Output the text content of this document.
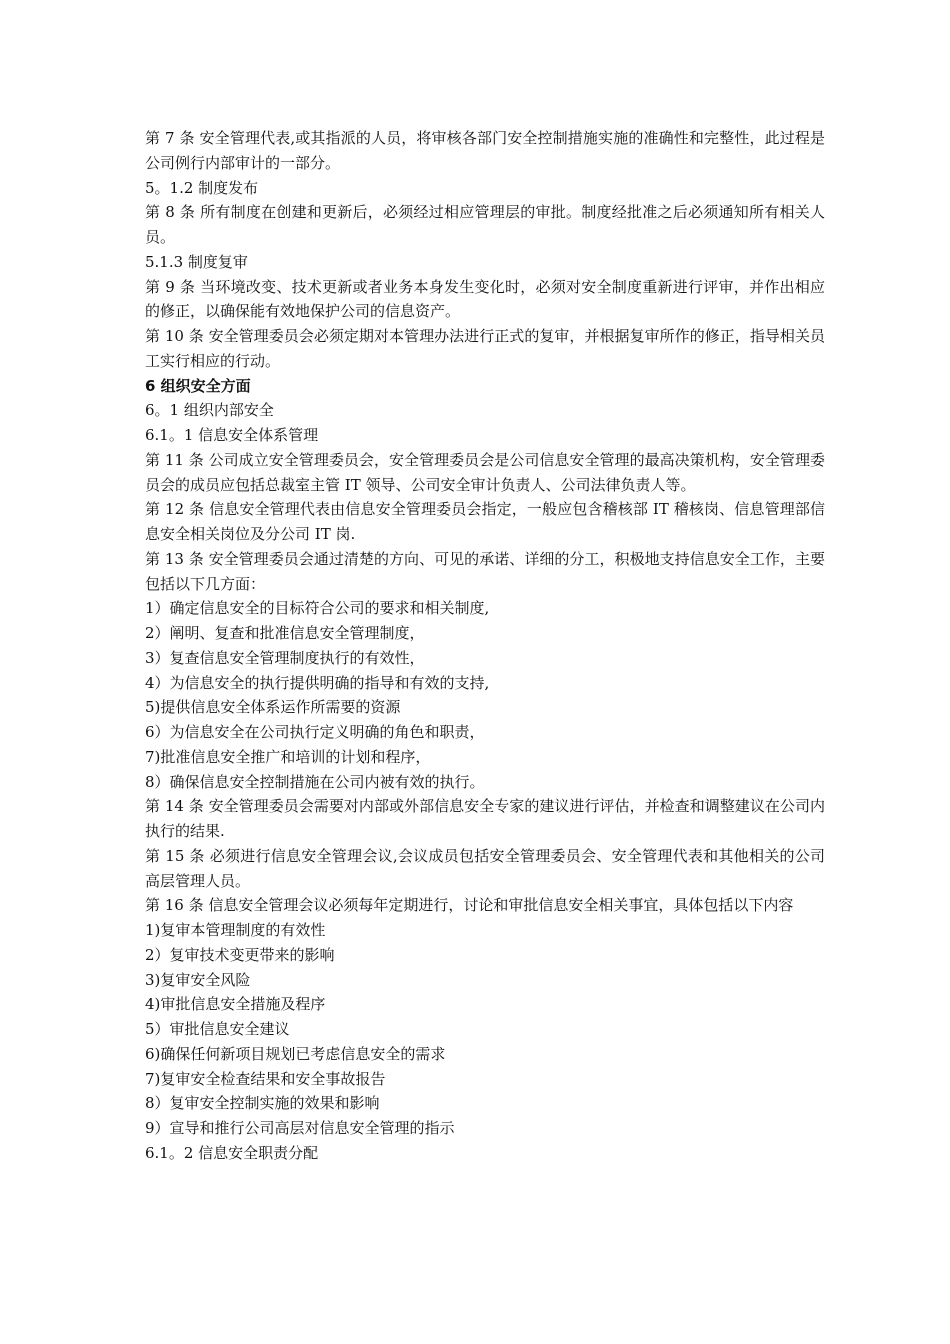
第 7 条 安全管理代表,或其指派的人员，将审核各部门安全控制措施实施的准确性和完整性，此过程是公司例行内部审计的一部分。

5。1.2 制度发布

第 8 条 所有制度在创建和更新后，必须经过相应管理层的审批。制度经批准之后必须通知所有相关人员。

5.1.3 制度复审

第 9 条 当环境改变、技术更新或者业务本身发生变化时，必须对安全制度重新进行评审，并作出相应的修正，以确保能有效地保护公司的信息资产。

第 10 条 安全管理委员会必须定期对本管理办法进行正式的复审，并根据复审所作的修正，指导相关员工实行相应的行动。

6 组织安全方面

6。1 组织内部安全

6.1。1 信息安全体系管理

第 11 条 公司成立安全管理委员会，安全管理委员会是公司信息安全管理的最高决策机构，安全管理委员会的成员应包括总裁室主管 IT 领导、公司安全审计负责人、公司法律负责人等。

第 12 条 信息安全管理代表由信息安全管理委员会指定，一般应包含稽核部 IT 稽核岗、信息管理部信息安全相关岗位及分公司 IT 岗.

第 13 条 安全管理委员会通过清楚的方向、可见的承诺、详细的分工，积极地支持信息安全工作，主要包括以下几方面：

1）确定信息安全的目标符合公司的要求和相关制度,

2）阐明、复查和批准信息安全管理制度，

3）复查信息安全管理制度执行的有效性，

4）为信息安全的执行提供明确的指导和有效的支持,

5)提供信息安全体系运作所需要的资源

6）为信息安全在公司执行定义明确的角色和职责，

7)批准信息安全推广和培训的计划和程序，

8）确保信息安全控制措施在公司内被有效的执行。

第 14 条 安全管理委员会需要对内部或外部信息安全专家的建议进行评估，并检查和调整建议在公司内执行的结果.

第 15 条 必须进行信息安全管理会议,会议成员包括安全管理委员会、安全管理代表和其他相关的公司高层管理人员。

第 16 条 信息安全管理会议必须每年定期进行，讨论和审批信息安全相关事宜，具体包括以下内容

1)复审本管理制度的有效性

2）复审技术变更带来的影响

3)复审安全风险

4)审批信息安全措施及程序

5）审批信息安全建议

6)确保任何新项目规划已考虑信息安全的需求

7)复审安全检查结果和安全事故报告

8）复审安全控制实施的效果和影响

9）宣导和推行公司高层对信息安全管理的指示

6.1。2 信息安全职责分配
